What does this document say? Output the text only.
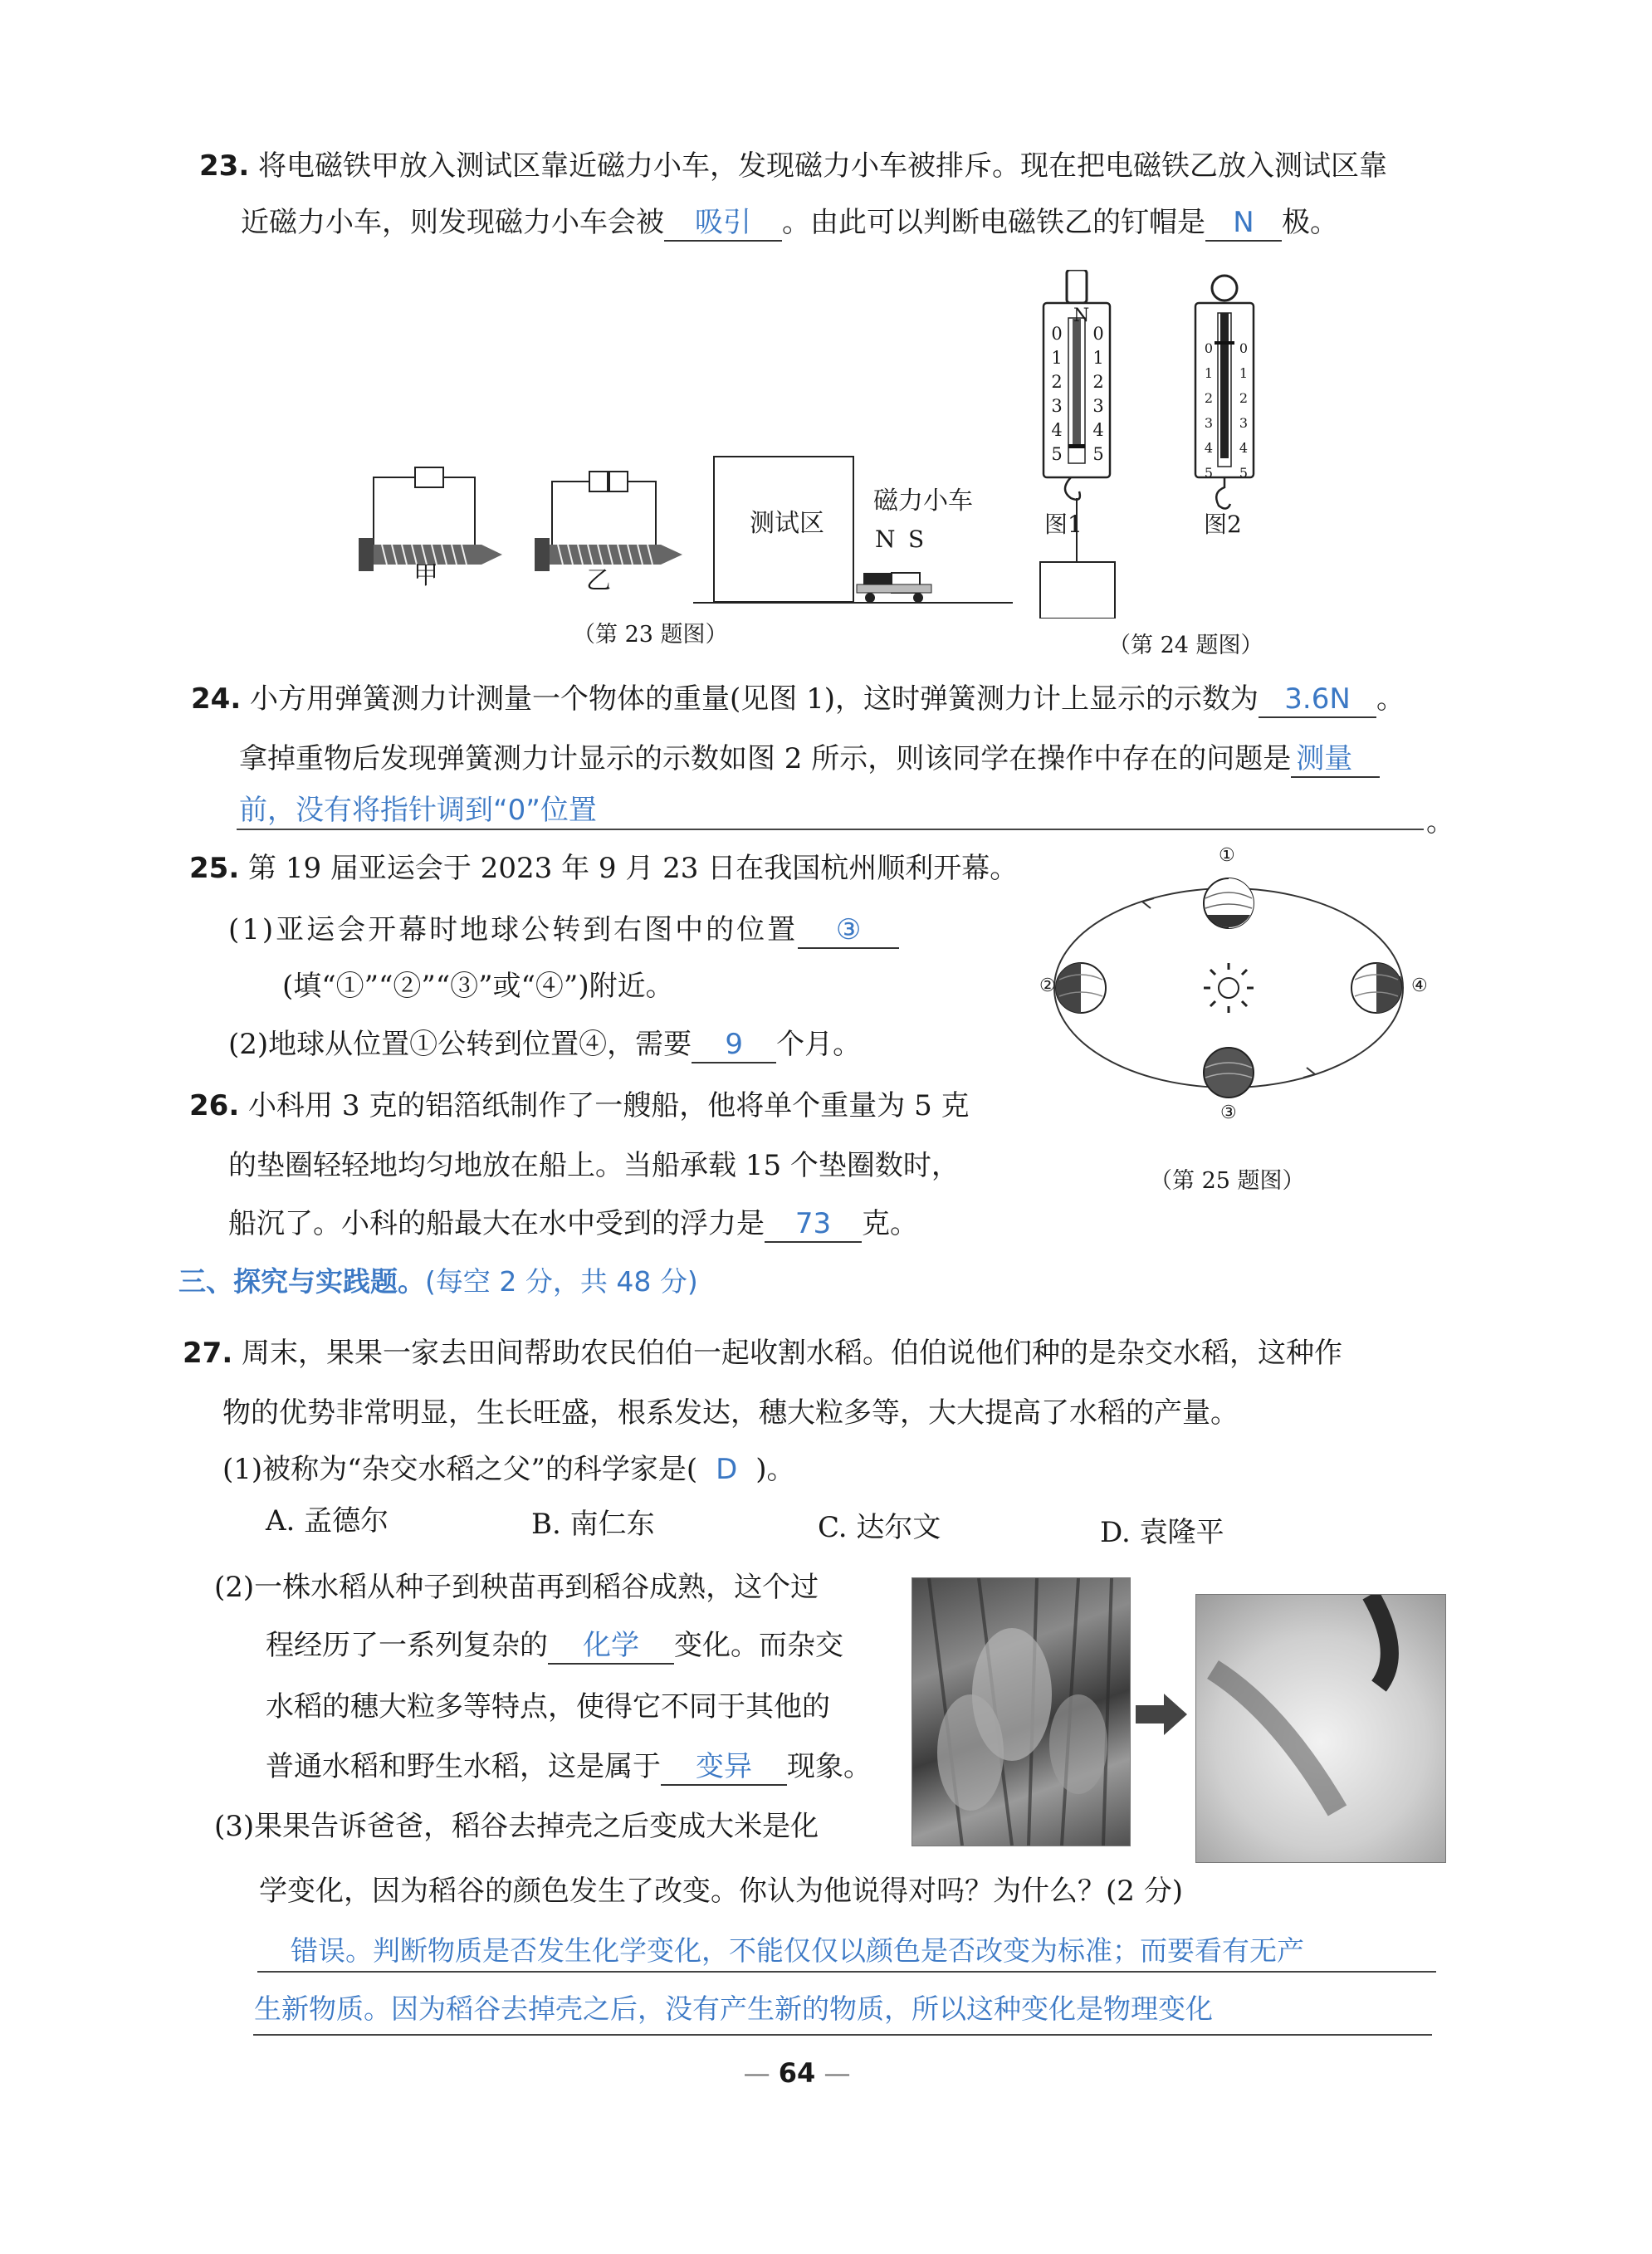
23. 将电磁铁甲放入测试区靠近磁力小车，发现磁力小车被排斥。现在把电磁铁乙放入测试区靠
近磁力小车，则发现磁力小车会被 吸引 。由此可以判断电磁铁乙的钉帽是 N 极。
甲	乙
测试区
磁力小车
N S
（第 23 题图）
N
0
1
2
3
4
5
0
1
2
3
4
5
0
1
2
3
4
5
0
1
2
3
4
5
图1	图2
（第 24 题图）
24. 小方用弹簧测力计测量一个物体的重量(见图 1)，这时弹簧测力计上显示的示数为 3.6N 。
拿掉重物后发现弹簧测力计显示的示数如图 2 所示，则该同学在操作中存在的问题是 测量
前，没有将指针调到“0”位置	。
25. 第 19 届亚运会于 2023 年 9 月 23 日在我国杭州顺利开幕。
(1)亚运会开幕时地球公转到右图中的位置 ③
(填“①”“②”“③”或“④”)附近。
(2)地球从位置①公转到位置④，需要 9 个月。
①
②
③
④
（第 25 题图）
26. 小科用 3 克的铝箔纸制作了一艘船，他将单个重量为 5 克
的垫圈轻轻地均匀地放在船上。当船承载 15 个垫圈数时，
船沉了。小科的船最大在水中受到的浮力是 73 克。
三、探究与实践题。(每空 2 分，共 48 分)
27. 周末，果果一家去田间帮助农民伯伯一起收割水稻。伯伯说他们种的是杂交水稻，这种作
物的优势非常明显，生长旺盛，根系发达，穗大粒多等，大大提高了水稻的产量。
(1)被称为“杂交水稻之父”的科学家是( D )。
A. 孟德尔	B. 南仁东	C. 达尔文	D. 袁隆平
(2)一株水稻从种子到秧苗再到稻谷成熟，这个过
程经历了一系列复杂的 化学 变化。而杂交
水稻的穗大粒多等特点，使得它不同于其他的
普通水稻和野生水稻，这是属于 变异 现象。
(3)果果告诉爸爸，稻谷去掉壳之后变成大米是化
学变化，因为稻谷的颜色发生了改变。你认为他说得对吗？为什么？(2 分)
错误。判断物质是否发生化学变化，不能仅仅以颜色是否改变为标准；而要看有无产
生新物质。因为稻谷去掉壳之后，没有产生新的物质，所以这种变化是物理变化
— 64 —
